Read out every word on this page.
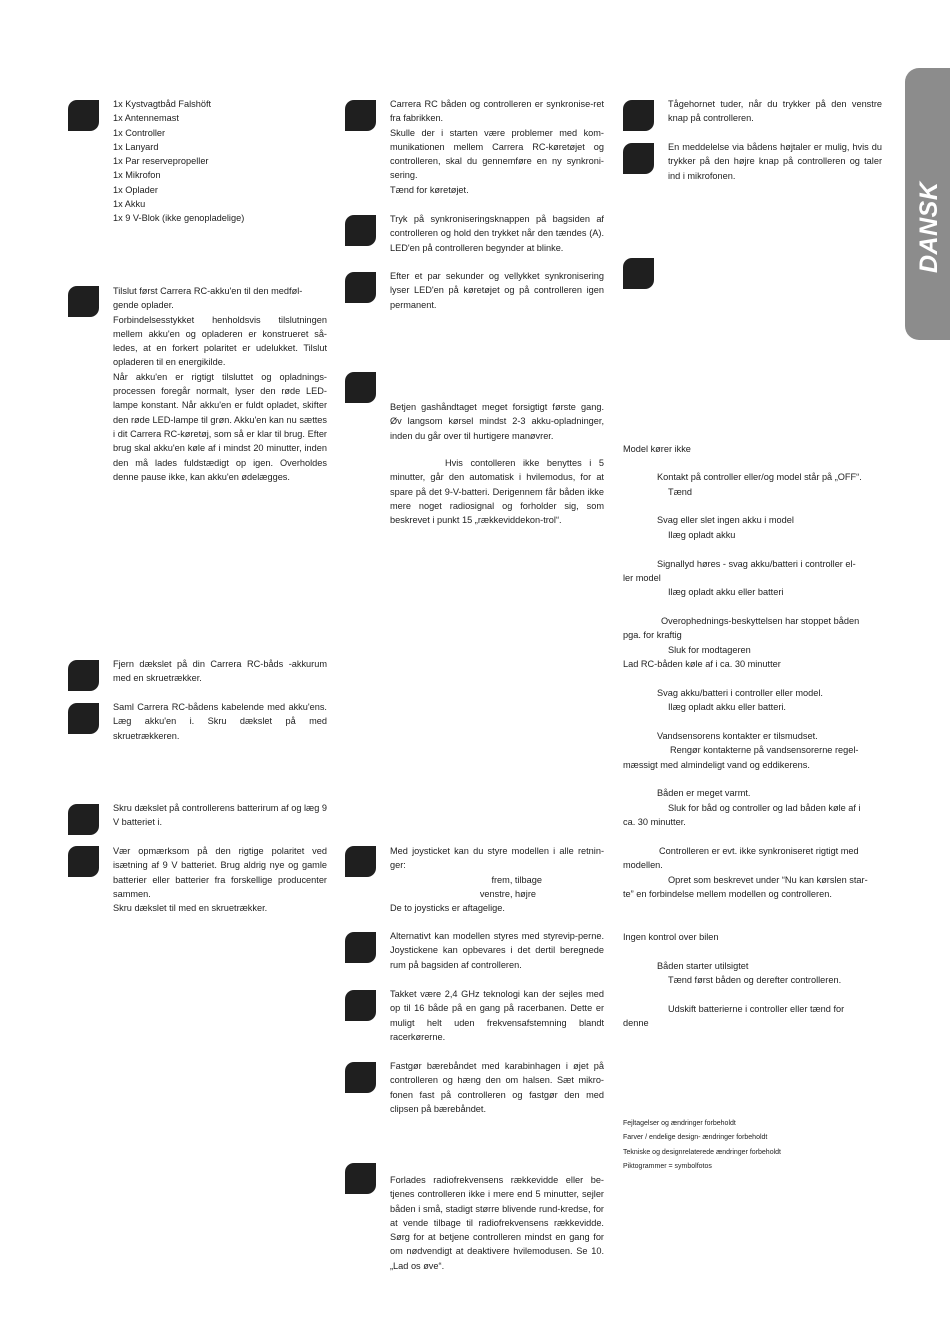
DANSK

1x Kystvagtbåd Falshöft
1x Antennemast
1x Controller
1x Lanyard
1x Par reservepropeller
1x Mikrofon
1x Oplader
1x Akku
1x 9 V-Blok (ikke genopladelige)

Tilslut først Carrera RC-akku'en til den medføl-
gende oplader.
Forbindelsesstykket henholdsvis tilslutningen mellem akku'en og opladeren er konstrueret så-ledes, at en forkert polaritet er udelukket. Tilslut opladeren til en energikilde.
Når akku'en er rigtigt tilsluttet og opladnings-processen foregår normalt, lyser den røde LED-lampe konstant. Når akku'en er fuldt opladet, skifter den røde LED-lampe til grøn. Akku'en kan nu sættes i dit Carrera RC-køretøj, som så er klar til brug. Efter brug skal akku'en køle af i mindst 20 minutter, inden den må lades fuldstædigt op igen. Overholdes denne pause ikke, kan akku'en ødelægges.

Fjern dækslet på din Carrera RC-båds -akkurum med en skruetrækker.

Saml Carrera RC-bådens kabelende med akku'ens. Læg akku'en i. Skru dækslet på med skruetrækkeren.

Skru dækslet på controllerens batterirum af og læg 9 V batteriet i.

Vær opmærksom på den rigtige polaritet ved isætning af 9 V batteriet. Brug aldrig nye og gamle batterier eller batterier fra forskellige producenter sammen.
Skru dækslet til med en skruetrækker.

Carrera RC båden og controlleren er synkronise-ret fra fabrikken.
Skulle der i starten være problemer med kom-munikationen mellem Carrera RC-køretøjet og controlleren, skal du gennemføre en ny synkroni-sering.
Tænd for køretøjet.

Tryk på synkroniseringsknappen på bagsiden af controlleren og hold den trykket når den tændes (A). LED'en på controlleren begynder at blinke.

Efter et par sekunder og vellykket synkronisering lyser LED'en på køretøjet og på controlleren igen permanent.

Betjen gashåndtaget meget forsigtigt første gang. Øv langsom kørsel mindst 2-3 akku-opladninger, inden du går over til hurtigere manøvrer.

Hvis contolleren ikke benyttes i 5 minutter, går den automatisk i hvilemodus, for at spare på det 9-V-batteri. Derigennem får båden ikke mere noget radiosignal og forholder sig, som beskrevet i punkt 15 „rækkeviddekon-trol“.

Med joysticket kan du styre modellen i alle retnin-ger:

frem, tilbage

venstre, højre

De to joysticks er aftagelige.

Alternativt kan modellen styres med styrevip-perne. Joystickene kan opbevares i det dertil beregnede rum på bagsiden af controlleren.

Takket være 2,4 GHz teknologi kan der sejles med op til 16 både på en gang på racerbanen. Dette er muligt helt uden frekvensafstemning blandt racerkørerne.

Fastgør bærebåndet med karabinhagen i øjet på controlleren og hæng den om halsen. Sæt mikro-fonen fast på controlleren og fastgør den med clipsen på bærebåndet.

Forlades radiofrekvensens rækkevidde eller be-tjenes controlleren ikke i mere end 5 minutter, sejler båden i små, stadigt større blivende rund-kredse, for at vende tilbage til radiofrekvensens rækkevidde. Sørg for at betjene controlleren mindst en gang for om nødvendigt at deaktivere hvilemodusen. Se 10. „Lad os øve“.

Tågehornet tuder, når du trykker på den venstre knap på controlleren.

En meddelelse via bådens højtaler er mulig, hvis du trykker på den højre knap på controlleren og taler ind i mikrofonen.

Model kører ikke

Kontakt på controller eller/og model står på „OFF“.

Tænd

Svag eller slet ingen akku i model

Ilæg opladt akku

Signallyd høres - svag akku/batteri i controller el-

ler model

Ilæg opladt akku eller batteri

Overophednings-beskyttelsen har stoppet båden

pga. for kraftig

Sluk for modtageren

Lad RC-båden køle af i ca. 30 minutter

Svag akku/batteri i controller eller model.

Ilæg opladt akku eller batteri.

Vandsensorens kontakter er tilsmudset.

Rengør kontakterne på vandsensorerne regel-

mæssigt med almindeligt vand og eddikerens.

Båden er meget varmt.

Sluk for båd og controller og lad båden køle af i

ca. 30 minutter.

Controlleren er evt. ikke synkroniseret rigtigt med

modellen.

Opret som beskrevet under “Nu kan kørslen star-

te” en forbindelse mellem modellen og controlleren.

Ingen kontrol over bilen

Båden starter utilsigtet

Tænd først båden og derefter controlleren.

Udskift batterierne i controller eller tænd for

denne

Fejltagelser og ændringer forbeholdt

Farver / endelige design- ændringer forbeholdt

Tekniske og designrelaterede ændringer forbeholdt

Piktogrammer = symbolfotos
